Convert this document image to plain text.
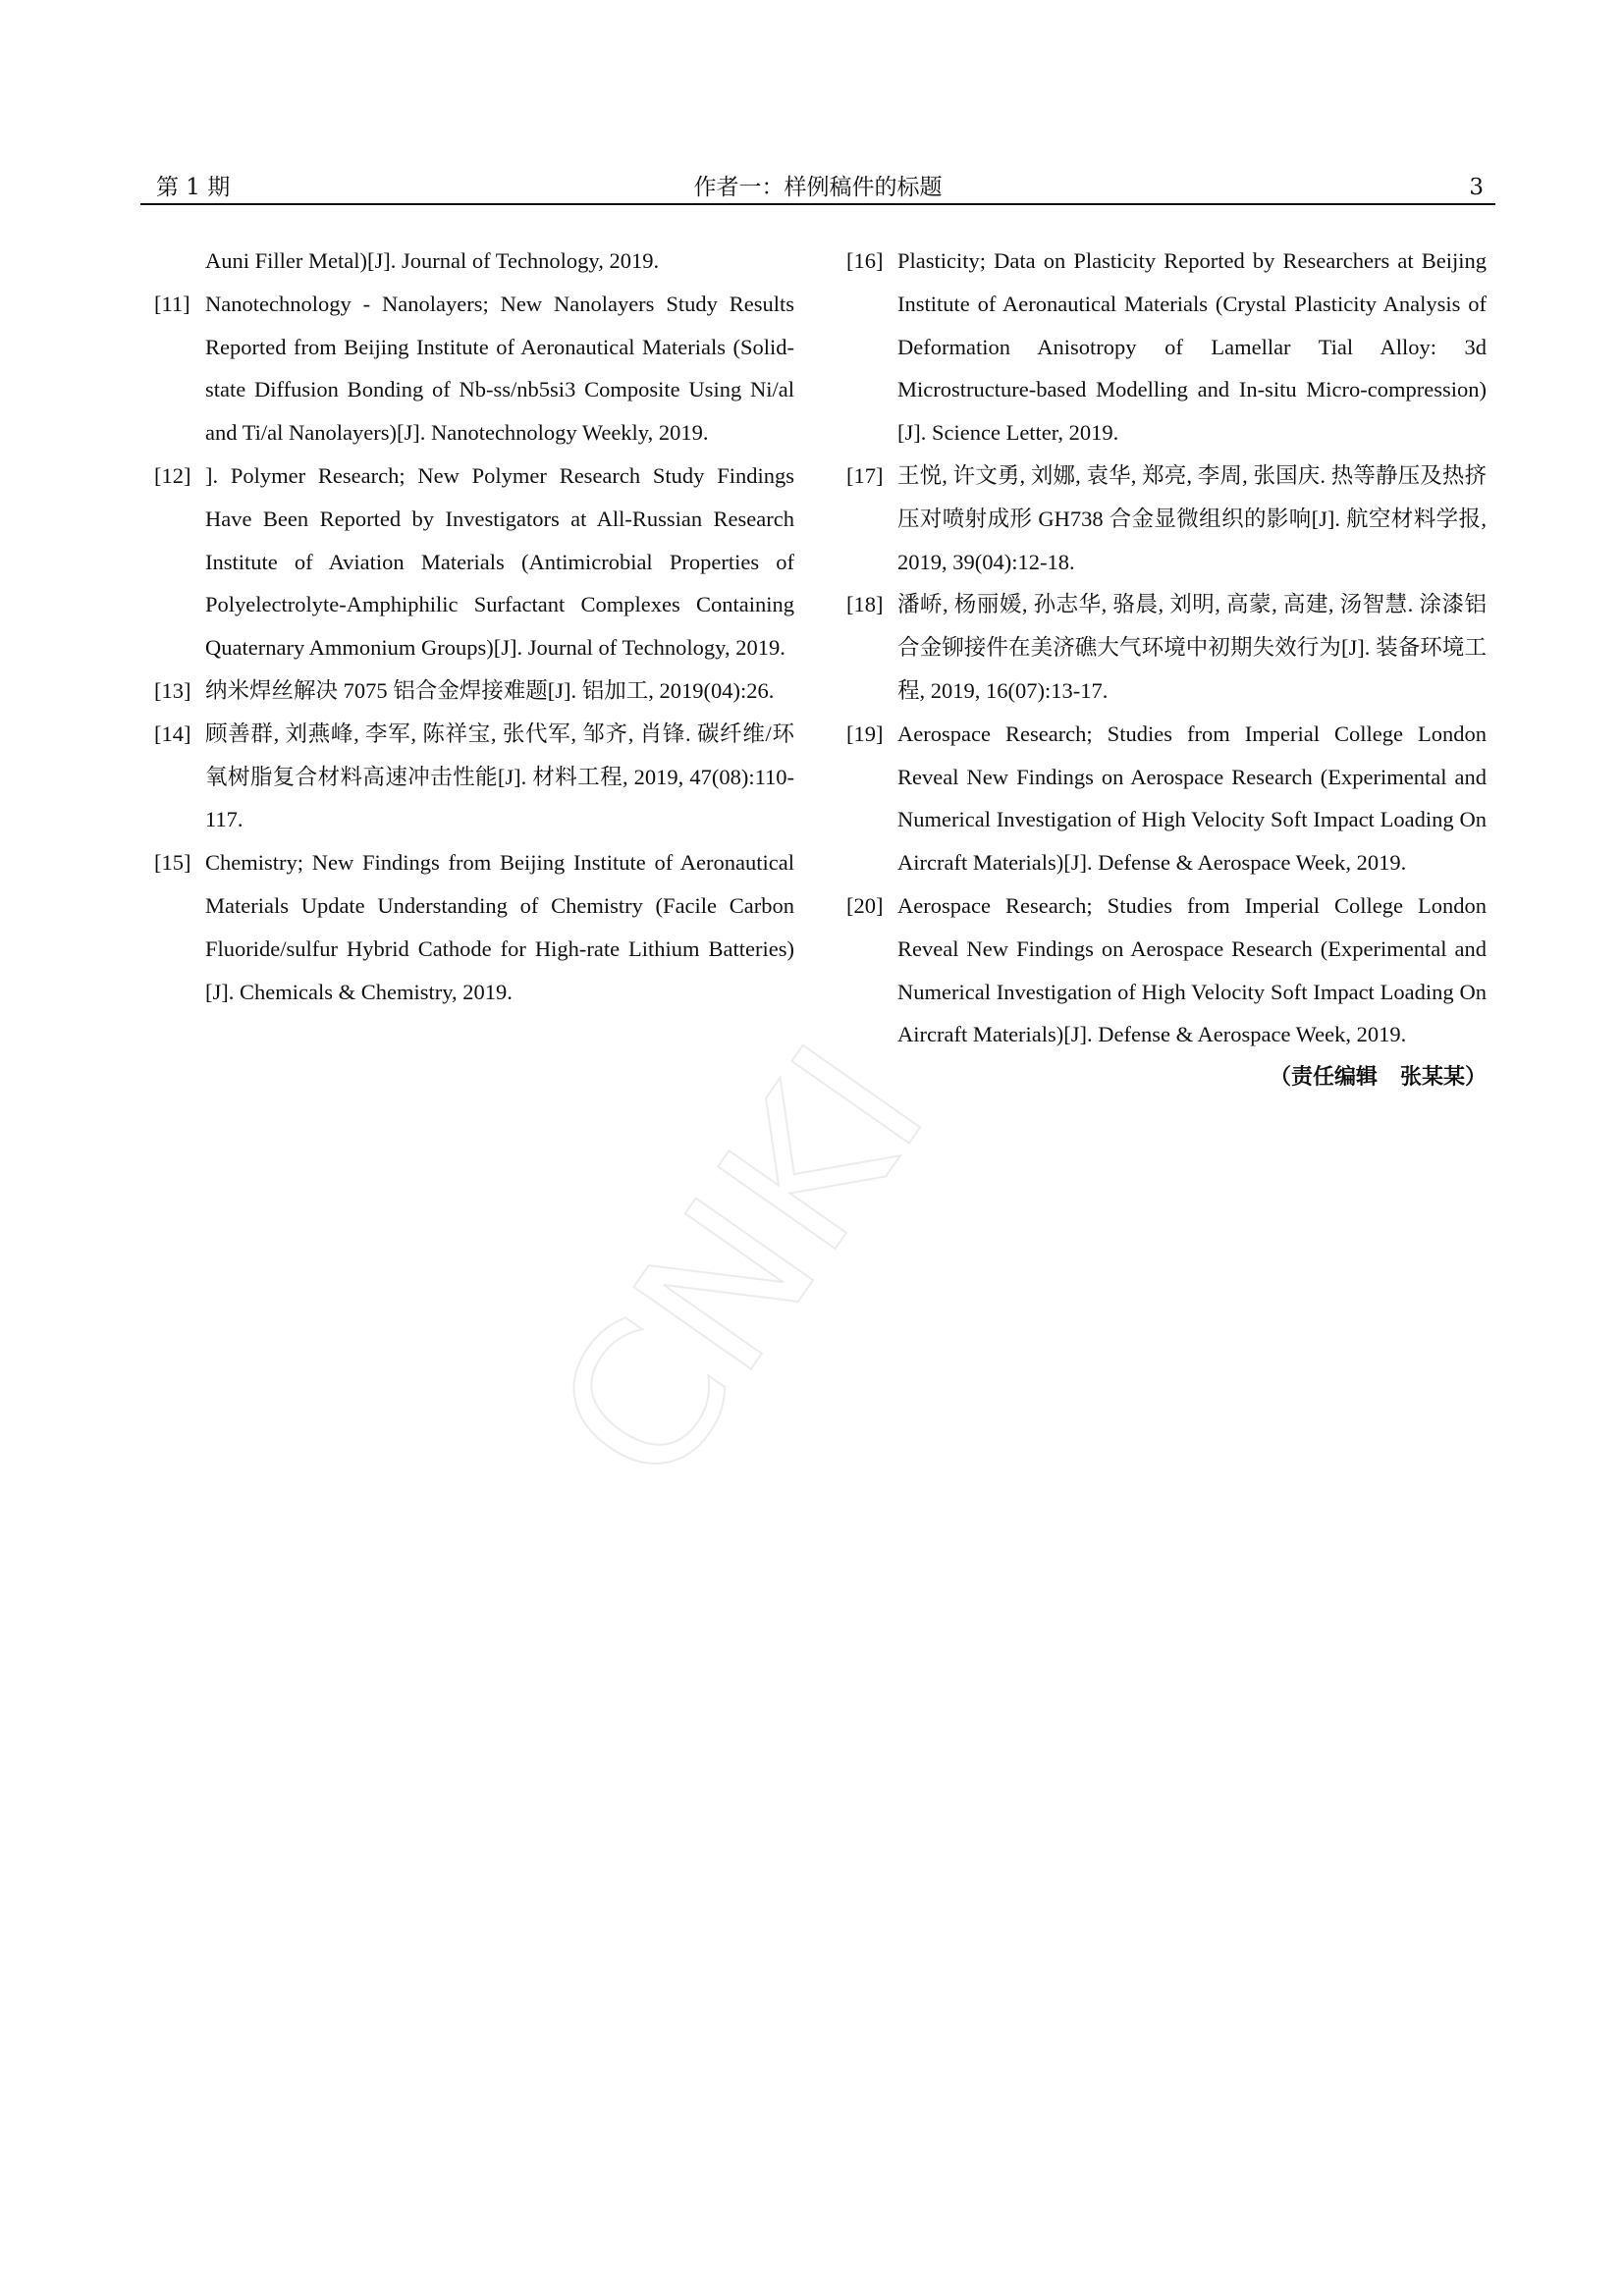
第 1 期	作者一：样例稿件的标题	3
Auni Filler Metal)[J]. Journal of Technology, 2019.
[11] Nanotechnology - Nanolayers; New Nanolayers Study Results Reported from Beijing Institute of Aeronautical Materials (Solid-state Diffusion Bonding of Nb-ss/nb5si3 Composite Using Ni/al and Ti/al Nanolayers)[J]. Nanotechnology Weekly, 2019.
[12] ]. Polymer Research; New Polymer Research Study Findings Have Been Reported by Investigators at All-Russian Research Institute of Aviation Materials (Antimicrobial Properties of Polyelectrolyte-Amphiphilic Surfactant Complexes Containing Quaternary Ammonium Groups)[J]. Journal of Technology, 2019.
[13] 纳米焊丝解决 7075 铝合金焊接难题[J]. 铝加工, 2019(04):26.
[14] 顾善群, 刘燕峰, 李军, 陈祥宝, 张代军, 邹齐, 肖锋. 碳纤维/环氧树脂复合材料高速冲击性能[J]. 材料工程, 2019, 47(08):110-117.
[15] Chemistry; New Findings from Beijing Institute of Aeronautical Materials Update Understanding of Chemistry (Facile Carbon Fluoride/sulfur Hybrid Cathode for High-rate Lithium Batteries)[J]. Chemicals & Chemistry, 2019.
[16] Plasticity; Data on Plasticity Reported by Researchers at Beijing Institute of Aeronautical Materials (Crystal Plasticity Analysis of Deformation Anisotropy of Lamellar Tial Alloy: 3d Microstructure-based Modelling and In-situ Micro-compression)[J]. Science Letter, 2019.
[17] 王悦, 许文勇, 刘娜, 袁华, 郑亮, 李周, 张国庆. 热等静压及热挤压对喷射成形 GH738 合金显微组织的影响[J]. 航空材料学报, 2019, 39(04):12-18.
[18] 潘峤, 杨丽媛, 孙志华, 骆晨, 刘明, 高蒙, 高建, 汤智慧. 涂漆铝合金铆接件在美济礁大气环境中初期失效行为[J]. 装备环境工程, 2019, 16(07):13-17.
[19] Aerospace Research; Studies from Imperial College London Reveal New Findings on Aerospace Research (Experimental and Numerical Investigation of High Velocity Soft Impact Loading On Aircraft Materials)[J]. Defense & Aerospace Week, 2019.
[20] Aerospace Research; Studies from Imperial College London Reveal New Findings on Aerospace Research (Experimental and Numerical Investigation of High Velocity Soft Impact Loading On Aircraft Materials)[J]. Defense & Aerospace Week, 2019.
（责任编辑   张某某）
CNKI
